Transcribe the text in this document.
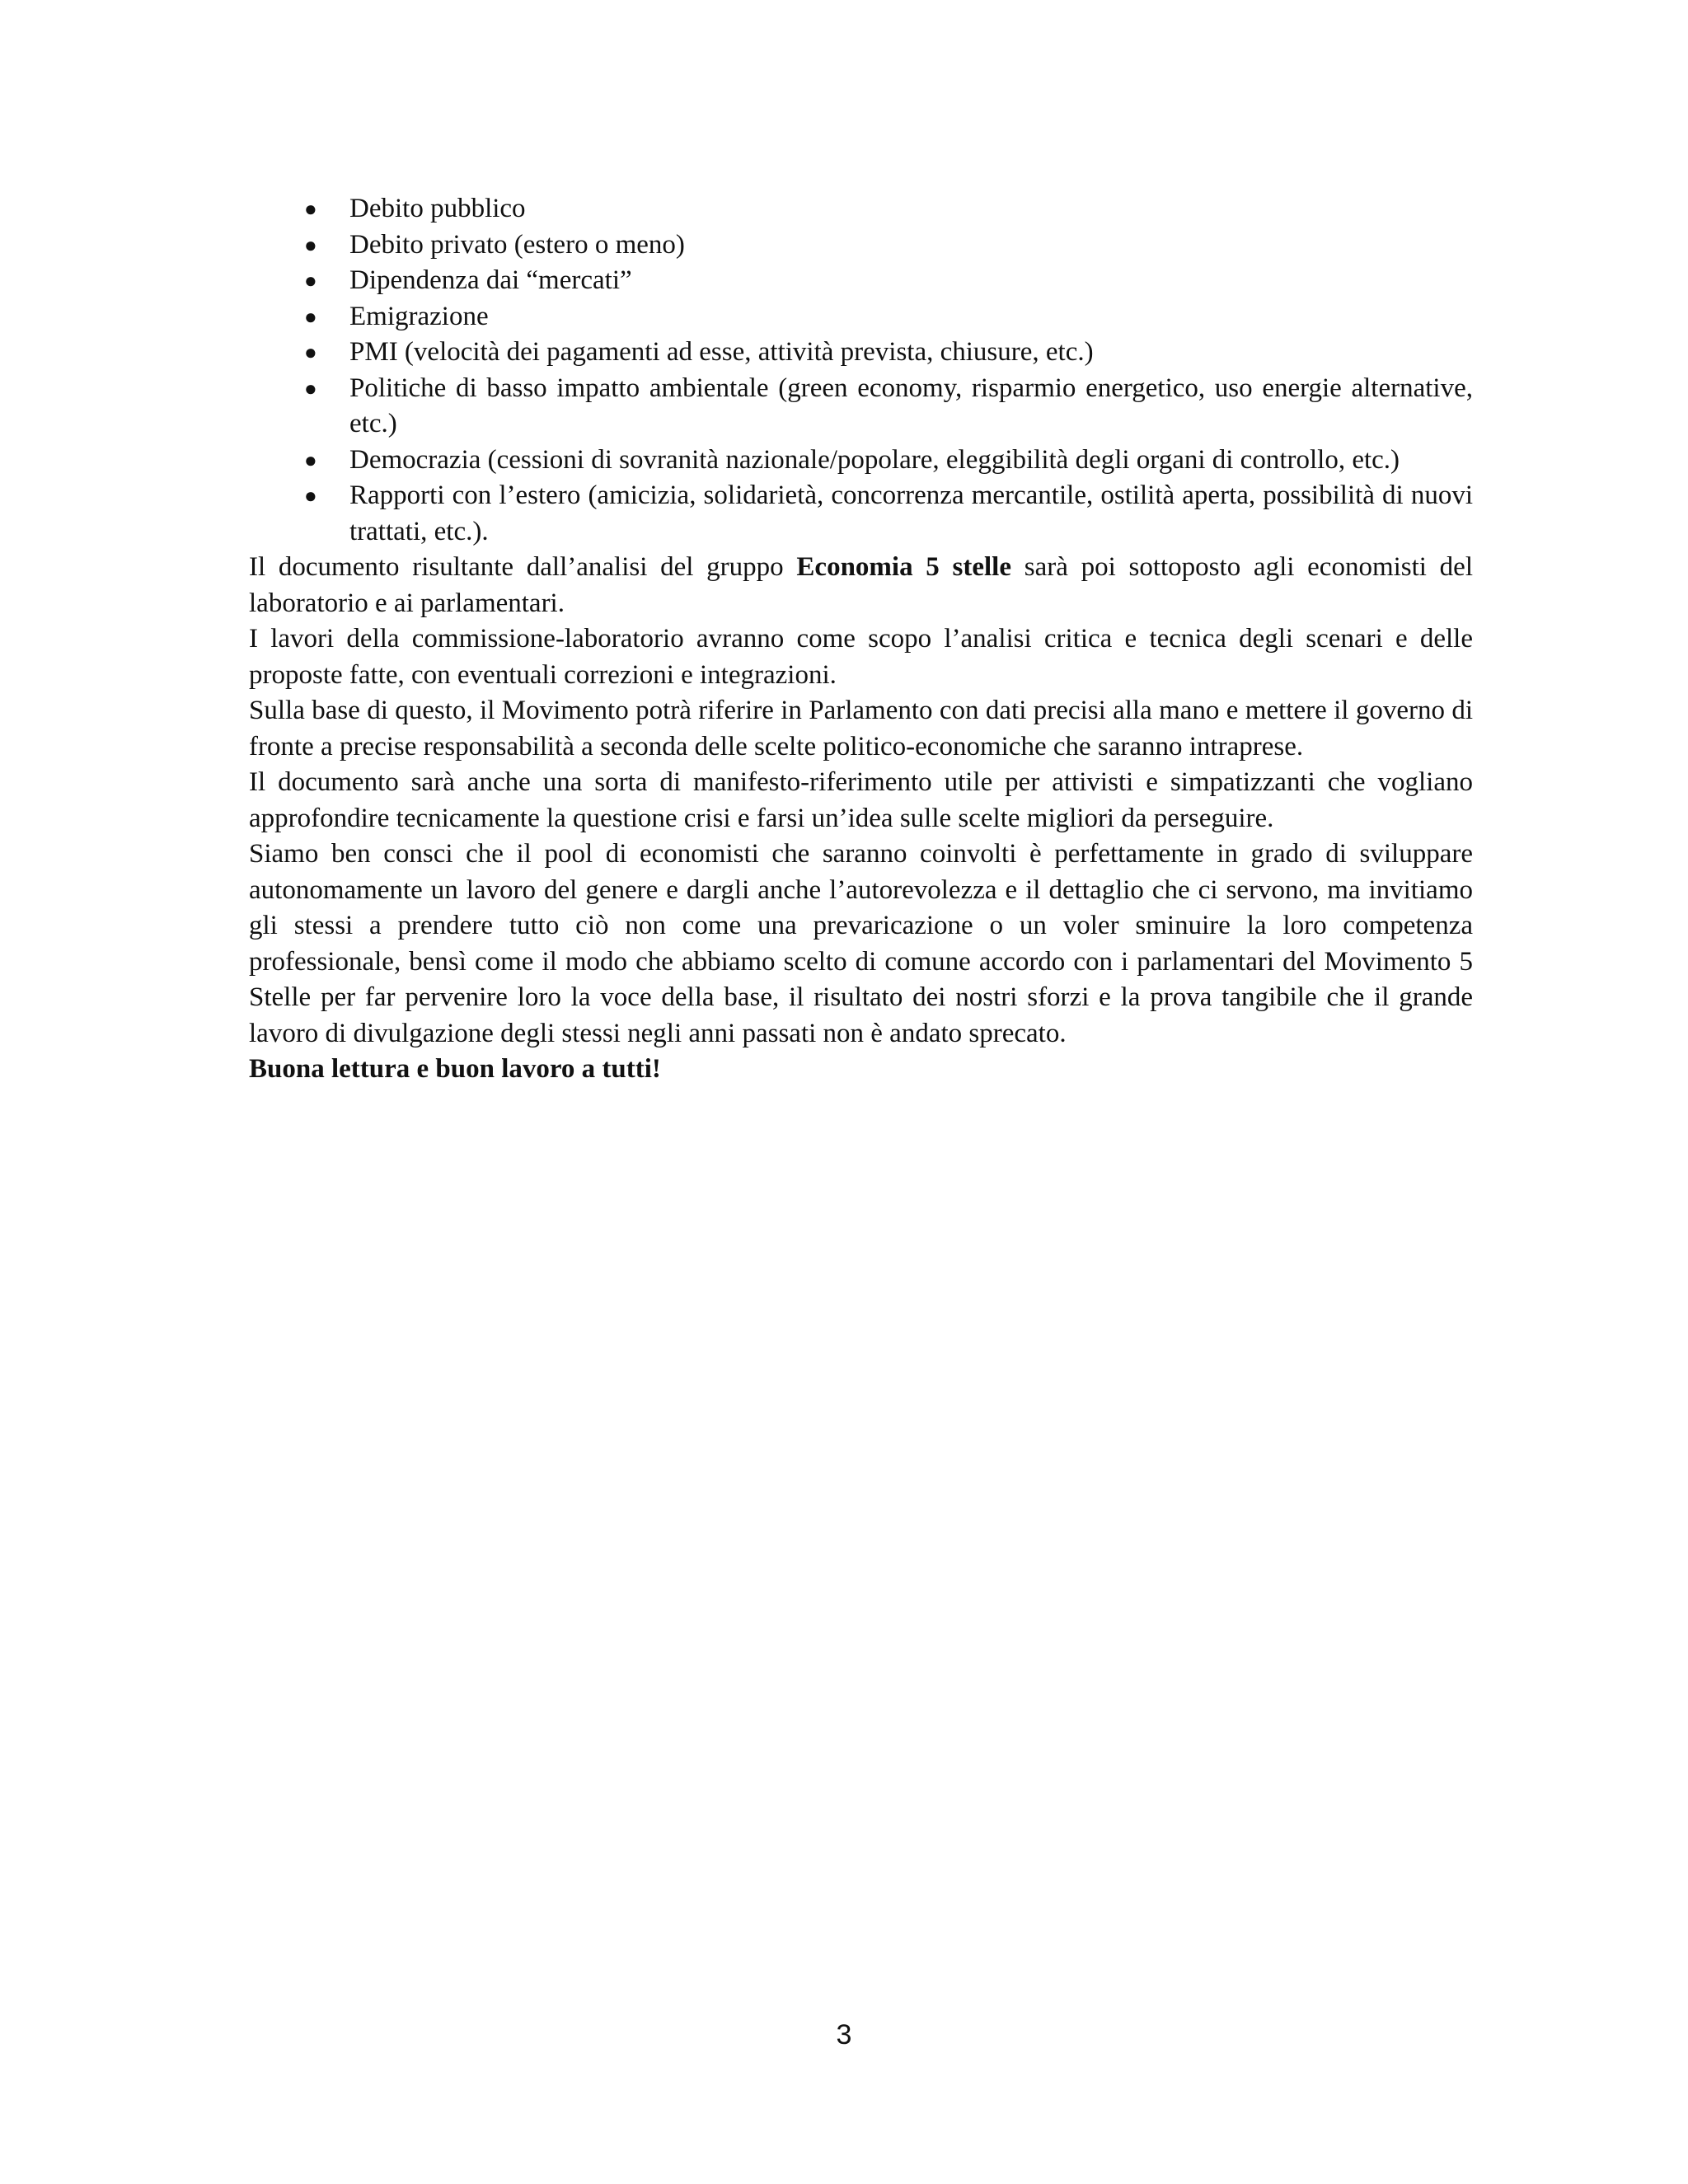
● Debito pubblico
● Debito privato (estero o meno)
● Dipendenza dai “mercati”
● Emigrazione
● PMI (velocità dei pagamenti ad esse, attività prevista, chiusure, etc.)
● Politiche di basso impatto ambientale (green economy, risparmio energetico, uso energie alternative, etc.)
● Democrazia (cessioni di sovranità nazionale/popolare, eleggibilità degli organi di controllo, etc.)
● Rapporti con l’estero (amicizia, solidarietà, concorrenza mercantile, ostilità aperta, possibilità di nuovi trattati, etc.).

Il documento risultante dall’analisi del gruppo Economia 5 stelle sarà poi sottoposto agli economisti del laboratorio e ai parlamentari.

I lavori della commissione-laboratorio avranno come scopo l’analisi critica e tecnica degli scenari e delle proposte fatte, con eventuali correzioni e integrazioni.

Sulla base di questo, il Movimento potrà riferire in Parlamento con dati precisi alla mano e mettere il governo di fronte a precise responsabilità a seconda delle scelte politico-economiche che saranno intraprese.

Il documento sarà anche una sorta di manifesto-riferimento utile per attivisti e simpatizzanti che vogliano approfondire tecnicamente la questione crisi e farsi un’idea sulle scelte migliori da perseguire.

Siamo ben consci che il pool di economisti che saranno coinvolti è perfettamente in grado di sviluppare autonomamente un lavoro del genere e dargli anche l’autorevolezza e il dettaglio che ci servono, ma invitiamo gli stessi a prendere tutto ciò non come una prevaricazione o un voler sminuire la loro competenza professionale, bensì come il modo che abbiamo scelto di comune accordo con i parlamentari del Movimento 5 Stelle per far pervenire loro la voce della base, il risultato dei nostri sforzi e la prova tangibile che il grande lavoro di divulgazione degli stessi negli anni passati non è andato sprecato.

Buona lettura e buon lavoro a tutti!

3
